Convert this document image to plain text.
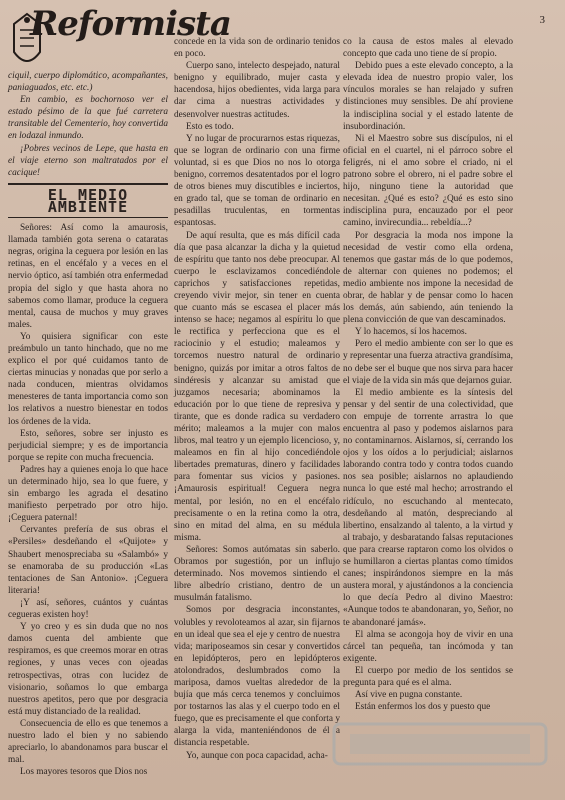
3
Reformista

ciquil, cuerpo diplomático, acompañantes, paniaguados, etc. etc.)

En cambio, es bochornoso ver el estado pésimo de la que fué carretera transitable del Cementerio, hoy convertida en lodazal inmundo.

¡Pobres vecinos de Lepe, que hasta en el viaje eterno son maltratados por el cacique!

EL MEDIO AMBIENTE

Señores: Así como la amaurosis, llamada también gota serena o cataratas negras, origina la ceguera por lesión en las retinas, en el encéfalo y a veces en el nervio óptico, así también otra enfermedad propia del siglo y que hasta ahora no sabemos como llamar, produce la ceguera mental, causa de muchos y muy graves males.

Yo quisiera significar con este preámbulo un tanto hinchado, que no me explico el por qué cuidamos tanto de ciertas minucias y nonadas que por serlo a nada conducen, mientras olvidamos menesteres de tanta importancia como son los relativos a nuestro bienestar en todos los órdenes de la vida.

Esto, señores, sobre ser injusto es perjudicial siempre; y es de importancia porque se repite con mucha frecuencia.

Padres hay a quienes enoja lo que hace un determinado hijo, sea lo que fuere, y sin embargo les agrada el desatino manifiesto perpetrado por otro hijo. ¡Ceguera paternal!

Cervantes prefería de sus obras el «Persiles» desdeñando el «Quijote» y Shaubert menospreciaba su «Salambó» y se enamoraba de su producción «Las tentaciones de San Antonio». ¡Ceguera literaria!

¡Y así, señores, cuántos y cuántas cegueras existen hoy!

Y yo creo y es sin duda que no nos damos cuenta del ambiente que respiramos, es que creemos morar en otras regiones, y unas veces con ojeadas retrospectivas, otras con lucidez de visionario, soñamos lo que embarga nuestros apetitos, pero que por desgracia está muy distanciado de la realidad.

Consecuencia de ello es que tenemos a nuestro lado el bien y no sabiendo apreciarlo, lo abandonamos para buscar el mal.

Los mayores tesoros que Dios nos

concede en la vida son de ordinario tenidos en poco.

Cuerpo sano, intelecto despejado, natural benigno y equilibrado, mujer casta y hacendosa, hijos obedientes, vida larga para dar cima a nuestras actividades y desenvolver nuestras actitudes.

Esto es todo.

Y no lugar de procurarnos estas riquezas, que se logran de ordinario con una firme voluntad, si es que Dios no nos lo otorga benigno, corremos desatentados por el logro de otros bienes muy discutibles e inciertos, en grado tal, que se toman de ordinario en pesadillas truculentas, en tormentas espantosas.

De aquí resulta, que es más difícil cada día que pasa alcanzar la dicha y la quietud de espíritu que tanto nos debe preocupar. Al cuerpo le esclavizamos concediéndole caprichos y satisfacciones repetidas, creyendo vivir mejor, sin tener en cuenta que cuanto más se escasea el placer más intenso se hace; negamos al espíritu lo que le rectifica y perfecciona que es el raciocinio y el estudio; maleamos y torcemos nuestro natural de ordinario benigno, quizás por imitar a otros faltos de sindéresis y alcanzar su amistad que juzgamos necesaria; abominamos la educación por lo que tiene de represiva y tirante, que es donde radica su verdadero mérito; maleamos a la mujer con malos libros, mal teatro y un ejemplo licencioso, y, maleamos en fin al hijo concediéndole libertades prematuras, dinero y facilidades para fomentar sus vicios y pasiones. ¡Amaurosis espiritual! Ceguera negra mental, por lesión, no en el encéfalo precisamente o en la retina como la otra, sino en mitad del alma, en su médula misma.

Señores: Somos autómatas sin saberlo. Obramos por sugestión, por un influjo determinado. Nos movemos sintiendo el libre albedrío cristiano, dentro de un musulmán fatalismo.

Somos por desgracia inconstantes, volubles y revoloteamos al azar, sin fijarnos en un ideal que sea el eje y centro de nuestra vida; mariposeamos sin cesar y convertidos en lepidópteros, pero en lepidópteros atolondrados, deslumbrados como la mariposa, damos vueltas alrededor de la bujía que más cerca tenemos y concluimos por tostarnos las alas y el cuerpo todo en el fuego, que es precisamente el que conforta y alarga la vida, manteniéndonos de él a distancia respetable.

Yo, aunque con poca capacidad, acha-

co la causa de estos males al elevado concepto que cada uno tiene de sí propio.

Debido pues a este elevado concepto, a la elevada idea de nuestro propio valer, los vínculos morales se han relajado y sufren distinciones muy sensibles. De ahí proviene la indisciplina social y el estado latente de insubordinación.

Ni el Maestro sobre sus discípulos, ni el oficial en el cuartel, ni el párroco sobre el feligrés, ni el amo sobre el criado, ni el patrono sobre el obrero, ni el padre sobre el hijo, ninguno tiene la autoridad que necesitan. ¿Qué es esto? ¿Qué es esto sino indisciplina pura, encauzado por el peor camino, invirecundia... rebeldía...?

Por desgracia la moda nos impone la necesidad de vestir como ella ordena, tenemos que gastar más de lo que podemos, de alternar con quienes no podemos; el medio ambiente nos impone la necesidad de obrar, de hablar y de pensar como lo hacen los demás, aún sabiendo, aún teniendo la plena convicción de que van descaminados.

Y lo hacemos, sí los hacemos.

Pero el medio ambiente con ser lo que es y representar una fuerza atractiva grandísima, no debe ser el buque que nos sirva para hacer el viaje de la vida sin más que dejarnos guiar.

El medio ambiente es la síntesis del pensar y del sentir de una colectividad, que con empuje de torrente arrastra lo que encuentra al paso y podemos aislarnos para no contaminarnos. Aislarnos, sí, cerrando los ojos y los oídos a lo perjudicial; aislarnos laborando contra todo y contra todos cuando nos sea posible; aislarnos no aplaudiendo nunca lo que esté mal hecho; arrostrando el ridículo, no escuchando al mentecato, desdeñando al matón, despreciando al libertino, ensalzando al talento, a la virtud y al trabajo, y desbaratando falsas reputaciones que para crearse raptaron como los olvidos o se humillaron a ciertas plantas como tímidos canes; inspirándonos siempre en la más austera moral, y ajustándonos a la conciencia lo que decía Pedro al divino Maestro: «Aunque todos te abandonaran, yo, Señor, no te abandonaré jamás».

El alma se acongoja hoy de vivir en una cárcel tan pequeña, tan incómoda y tan exigente.

El cuerpo por medio de los sentidos se pregunta para qué es el alma.

Así vive en pugna constante.

Están enfermos los dos y puesto que
